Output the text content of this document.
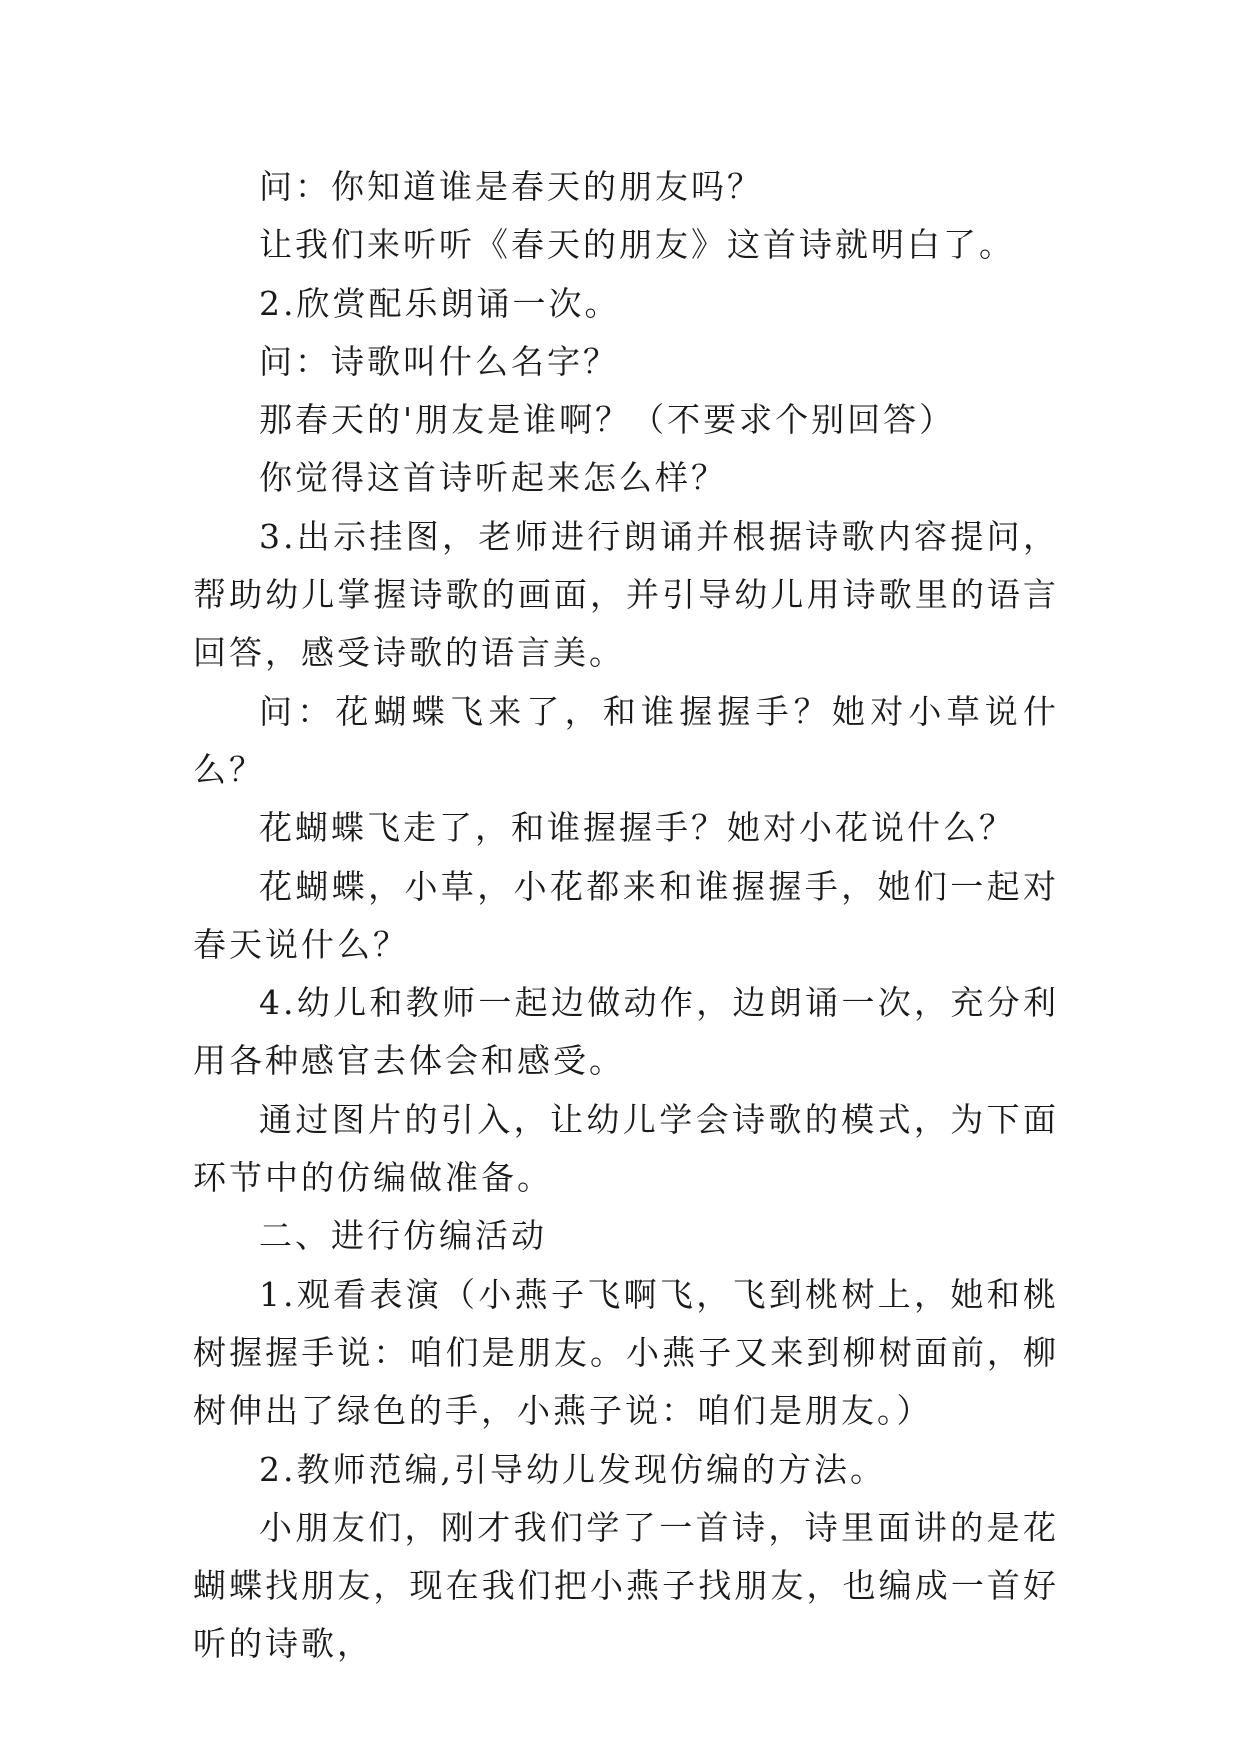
问：你知道谁是春天的朋友吗？

让我们来听听《春天的朋友》这首诗就明白了。

2.欣赏配乐朗诵一次。

问：诗歌叫什么名字？

那春天的'朋友是谁啊？（不要求个别回答）

你觉得这首诗听起来怎么样？

3.出示挂图，老师进行朗诵并根据诗歌内容提问，帮助幼儿掌握诗歌的画面，并引导幼儿用诗歌里的语言回答，感受诗歌的语言美。

问：花蝴蝶飞来了，和谁握握手？她对小草说什么？

花蝴蝶飞走了，和谁握握手？她对小花说什么？

花蝴蝶，小草，小花都来和谁握握手，她们一起对春天说什么？

4.幼儿和教师一起边做动作，边朗诵一次，充分利用各种感官去体会和感受。

通过图片的引入，让幼儿学会诗歌的模式，为下面环节中的仿编做准备。

二、进行仿编活动

1.观看表演（小燕子飞啊飞，飞到桃树上，她和桃树握握手说：咱们是朋友。小燕子又来到柳树面前，柳树伸出了绿色的手，小燕子说：咱们是朋友。）

2.教师范编,引导幼儿发现仿编的方法。

小朋友们，刚才我们学了一首诗，诗里面讲的是花蝴蝶找朋友，现在我们把小燕子找朋友，也编成一首好听的诗歌，
